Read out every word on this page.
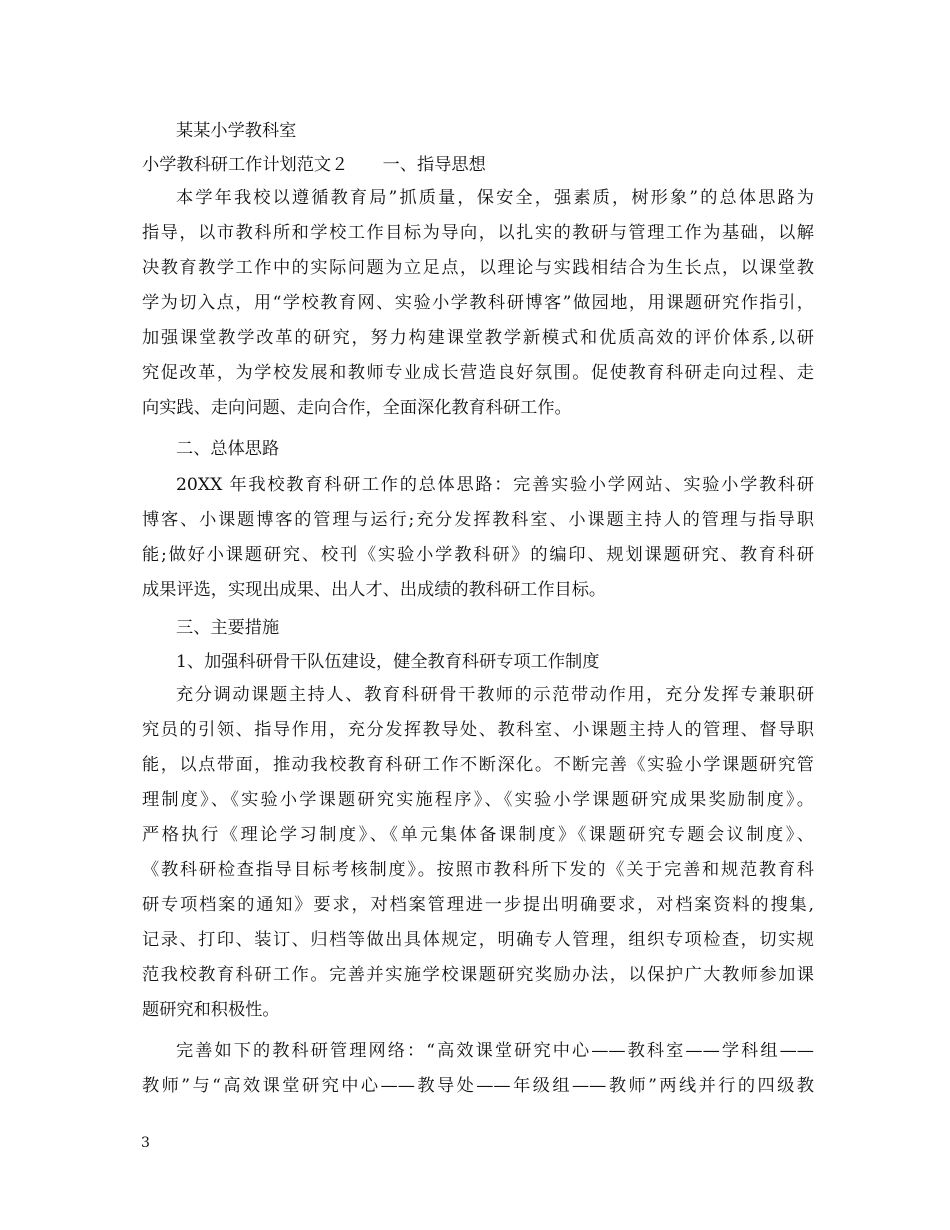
某某小学教科室
小学教科研工作计划范文２　　一、指导思想
本学年我校以遵循教育局”抓质量，保安全，强素质，树形象”的总体思路为
指导，以市教科所和学校工作目标为导向，以扎实的教研与管理工作为基础，以解
决教育教学工作中的实际问题为立足点，以理论与实践相结合为生长点，以课堂教
学为切入点，用“学校教育网、实验小学教科研博客”做园地，用课题研究作指引，
加强课堂教学改革的研究，努力构建课堂教学新模式和优质高效的评价体系,以研
究促改革，为学校发展和教师专业成长营造良好氛围。促使教育科研走向过程、走
向实践、走向问题、走向合作，全面深化教育科研工作。
二、总体思路
20XX 年我校教育科研工作的总体思路：完善实验小学网站、实验小学教科研
博客、小课题博客的管理与运行;充分发挥教科室、小课题主持人的管理与指导职
能;做好小课题研究、校刊《实验小学教科研》的编印、规划课题研究、教育科研
成果评选，实现出成果、出人才、出成绩的教科研工作目标。
三、主要措施
1、加强科研骨干队伍建设，健全教育科研专项工作制度
充分调动课题主持人、教育科研骨干教师的示范带动作用，充分发挥专兼职研
究员的引领、指导作用，充分发挥教导处、教科室、小课题主持人的管理、督导职
能，以点带面，推动我校教育科研工作不断深化。不断完善《实验小学课题研究管
理制度》、《实验小学课题研究实施程序》、《实验小学课题研究成果奖励制度》。
严格执行《理论学习制度》、《单元集体备课制度》《课题研究专题会议制度》、
《教科研检查指导目标考核制度》。按照市教科所下发的《关于完善和规范教育科
研专项档案的通知》要求，对档案管理进一步提出明确要求，对档案资料的搜集,
记录、打印、装订、归档等做出具体规定，明确专人管理，组织专项检查，切实规
范我校教育科研工作。完善并实施学校课题研究奖励办法，以保护广大教师参加课
题研究和积极性。
完善如下的教科研管理网络：“高效课堂研究中心——教科室——学科组——
教师”与“高效课堂研究中心——教导处——年级组——教师”两线并行的四级教
3
